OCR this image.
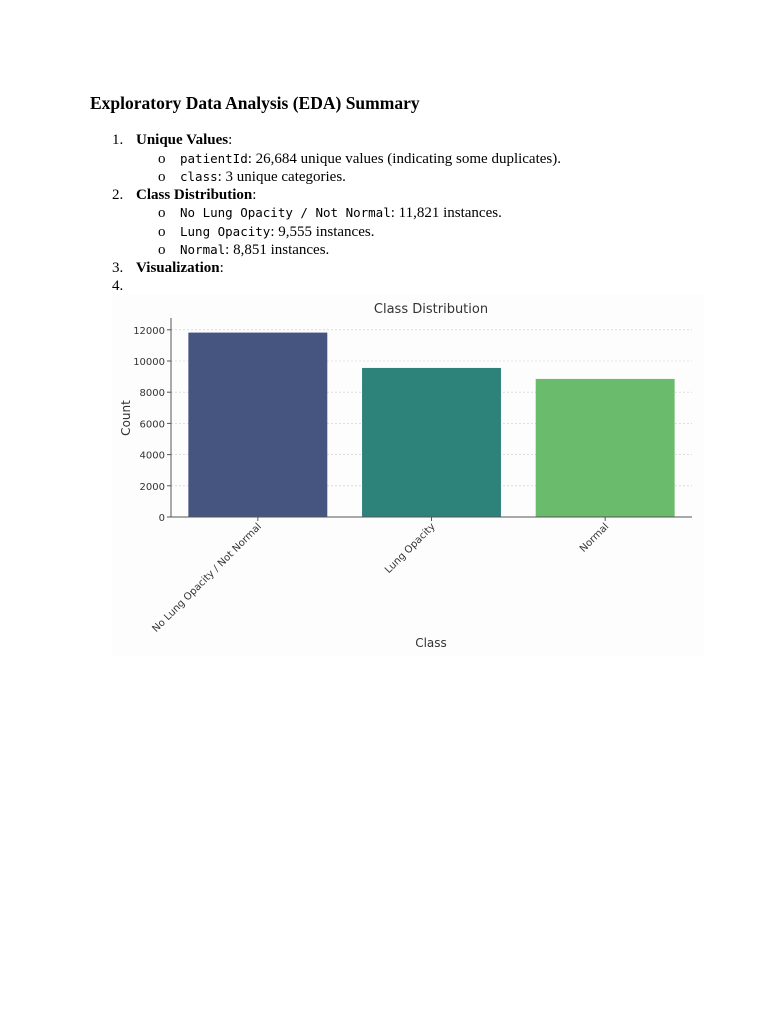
Exploratory Data Analysis (EDA) Summary
1. Unique Values:
o patientId: 26,684 unique values (indicating some duplicates).
o class: 3 unique categories.
2. Class Distribution:
o No Lung Opacity / Not Normal: 11,821 instances.
o Lung Opacity: 9,555 instances.
o Normal: 8,851 instances.
3. Visualization:
4.
0
2000
4000
6000
8000
10000
12000
No Lung Opacity / Not Normal	Lung Opacity	Normal
Class Distribution
Class
Count
